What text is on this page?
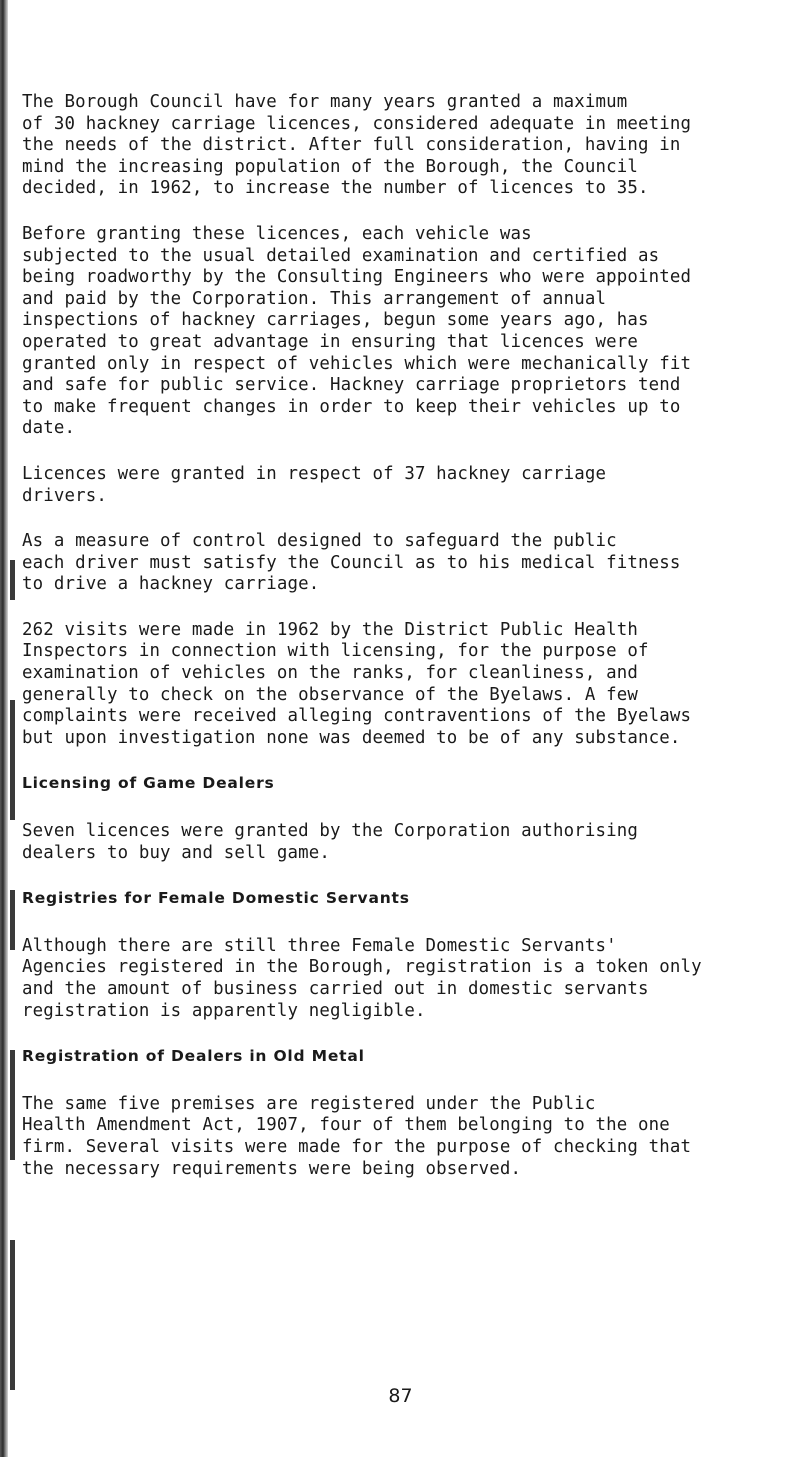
The Borough Council have for many years granted a maximum
of 30 hackney carriage licences, considered adequate in meeting
the needs of the district. After full consideration, having in
mind the increasing population of the Borough, the Council
decided, in 1962, to increase the number of licences to 35.

Before granting these licences, each vehicle was
subjected to the usual detailed examination and certified as
being roadworthy by the Consulting Engineers who were appointed
and paid by the Corporation. This arrangement of annual
inspections of hackney carriages, begun some years ago, has
operated to great advantage in ensuring that licences were
granted only in respect of vehicles which were mechanically fit
and safe for public service. Hackney carriage proprietors tend
to make frequent changes in order to keep their vehicles up to
date.

Licences were granted in respect of 37 hackney carriage
drivers.

As a measure of control designed to safeguard the public
each driver must satisfy the Council as to his medical fitness
to drive a hackney carriage.

262 visits were made in 1962 by the District Public Health
Inspectors in connection with licensing, for the purpose of
examination of vehicles on the ranks, for cleanliness, and
generally to check on the observance of the Byelaws. A few
complaints were received alleging contraventions of the Byelaws
but upon investigation none was deemed to be of any substance.

Licensing of Game Dealers

Seven licences were granted by the Corporation authorising
dealers to buy and sell game.

Registries for Female Domestic Servants

Although there are still three Female Domestic Servants'
Agencies registered in the Borough, registration is a token only
and the amount of business carried out in domestic servants
registration is apparently negligible.

Registration of Dealers in Old Metal

The same five premises are registered under the Public
Health Amendment Act, 1907, four of them belonging to the one
firm. Several visits were made for the purpose of checking that
the necessary requirements were being observed.

87
